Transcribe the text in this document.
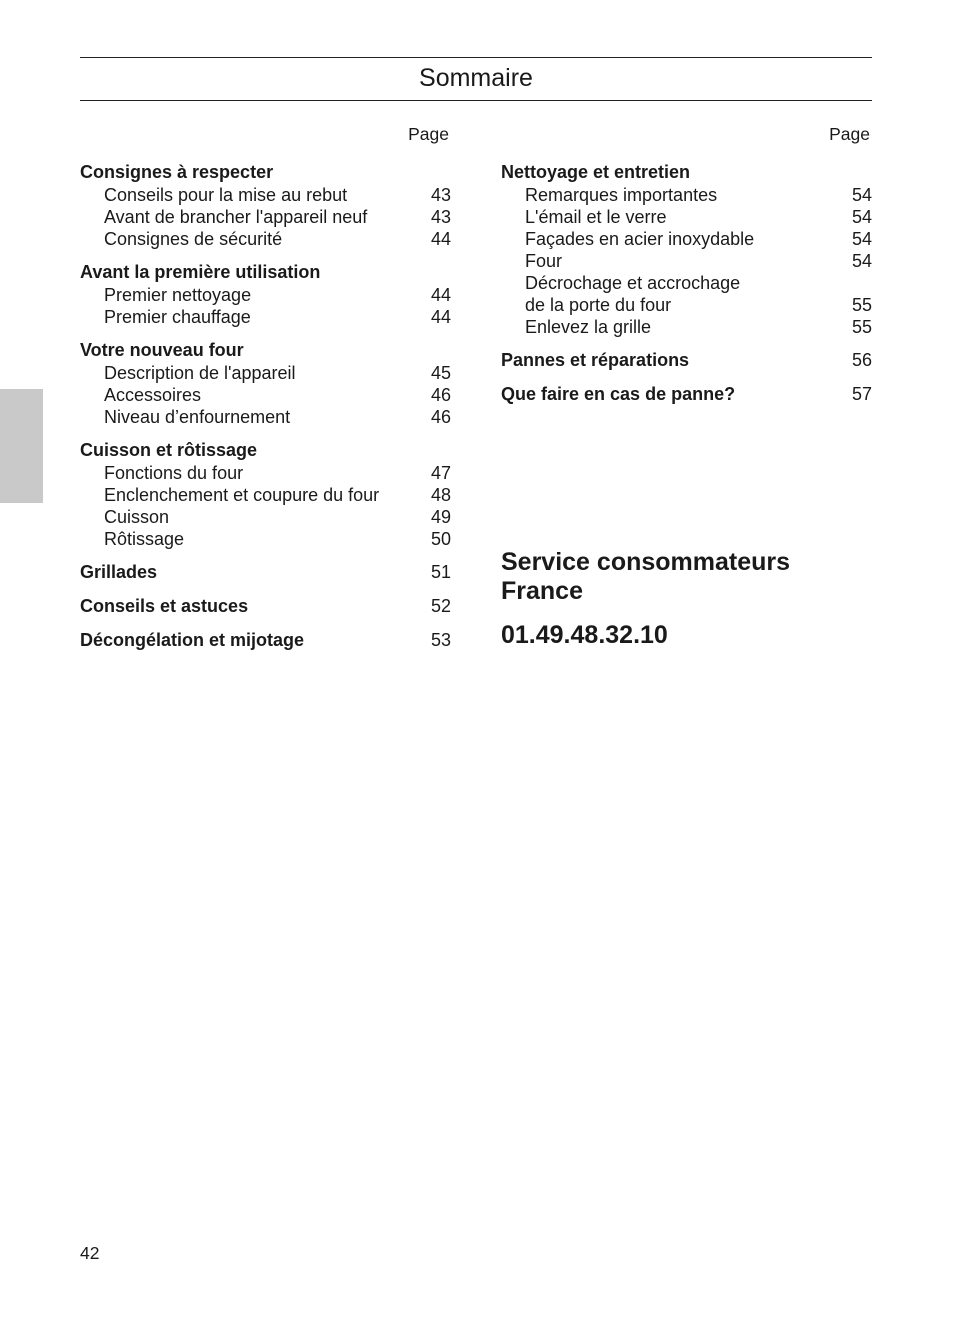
Sommaire
Page
Consignes à respecter
Conseils pour la mise au rebut	43
Avant de brancher l'appareil neuf	43
Consignes de sécurité	44
Avant la première utilisation
Premier nettoyage	44
Premier chauffage	44
Votre nouveau four
Description de l'appareil	45
Accessoires	46
Niveau d’enfournement	46
Cuisson et rôtissage
Fonctions du four	47
Enclenchement et coupure du four	48
Cuisson	49
Rôtissage	50
Grillades	51
Conseils et astuces	52
Décongélation et mijotage	53
Page
Nettoyage et entretien
Remarques importantes	54
L'émail et le verre	54
Façades en acier inoxydable	54
Four	54
Décrochage et accrochage
de la porte du four	55
Enlevez la grille	55
Pannes et réparations	56
Que faire en cas de panne?	57
Service consommateurs
France
01.49.48.32.10
42
